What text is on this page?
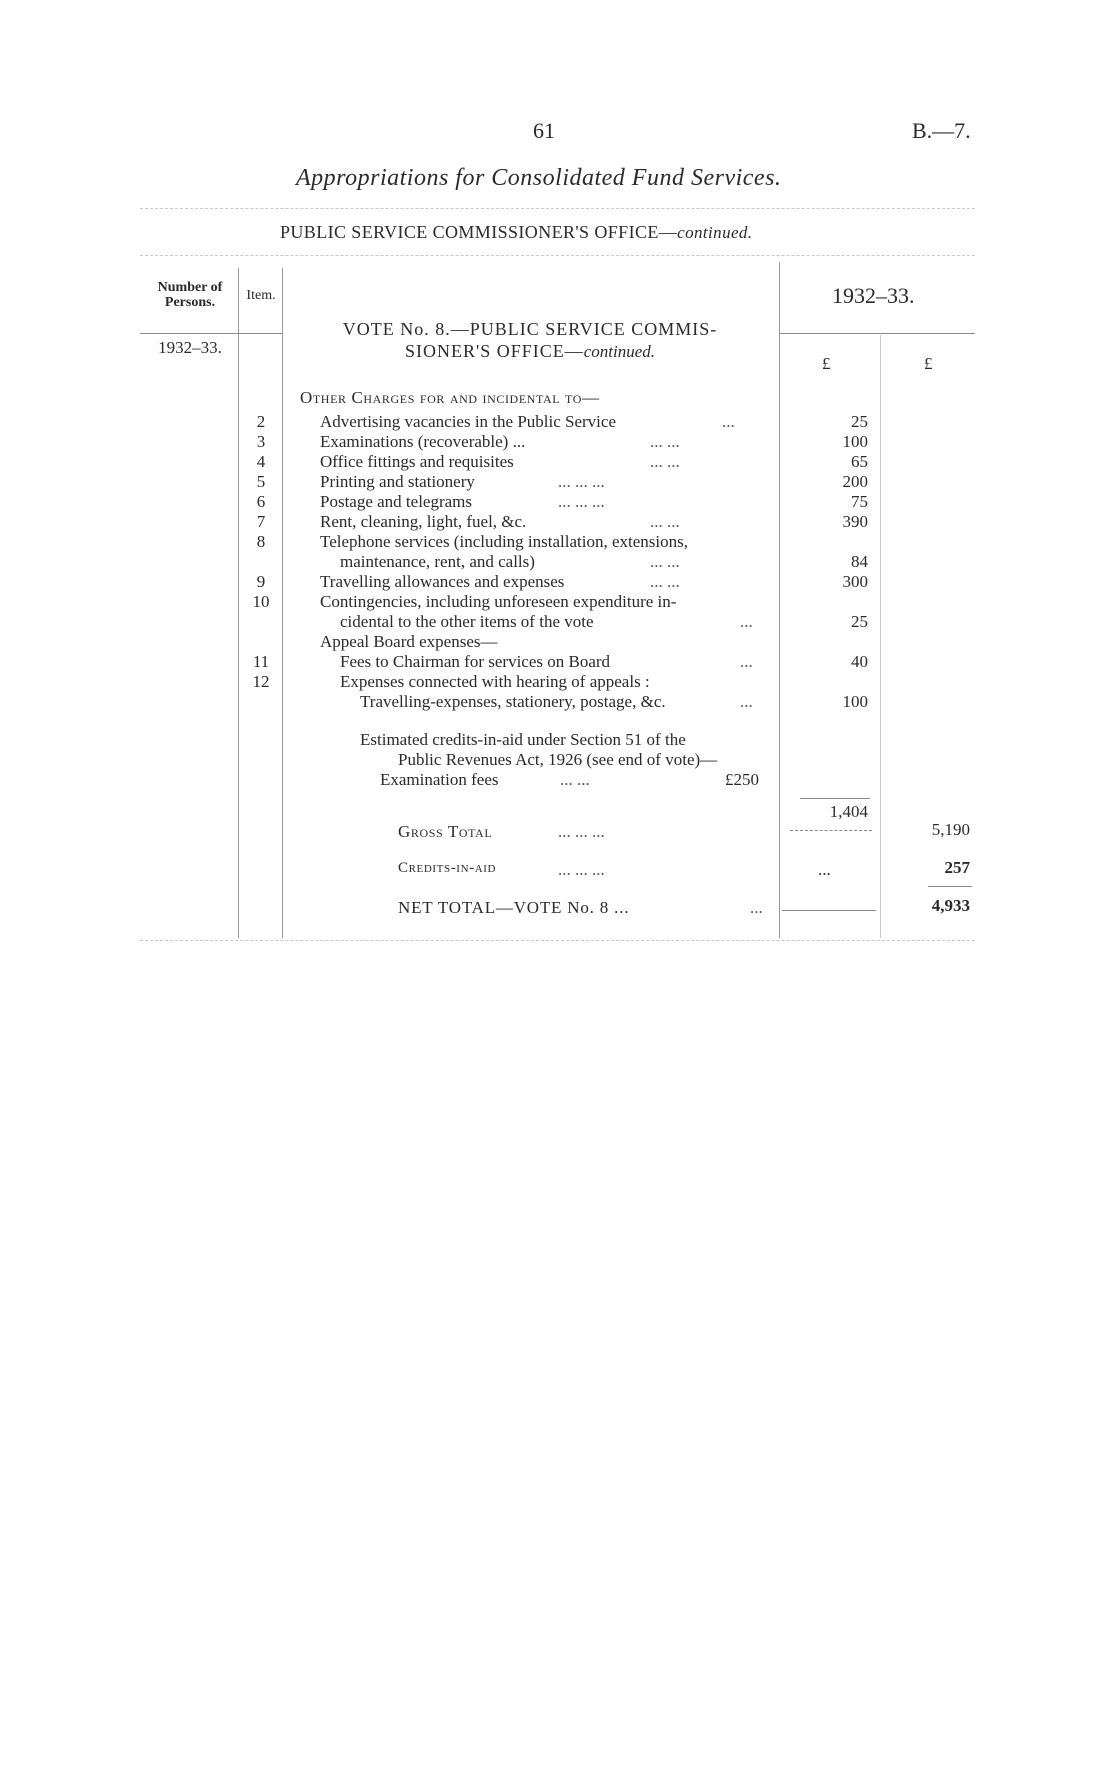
61	B.—7.
Appropriations for Consolidated Fund Services.
PUBLIC SERVICE COMMISSIONER'S OFFICE—continued.
Number of Persons.	Item.	1932–33.
1932–33.
£	£
VOTE No. 8.—PUBLIC SERVICE COMMIS-
SIONER'S OFFICE—continued.
Other Charges for and incidental to—
2	Advertising vacancies in the Public Service	...	25
3	Examinations (recoverable) ...	... ...	100
4	Office fittings and requisites	... ...	65
5	Printing and stationery	... ... ...	200
6	Postage and telegrams	... ... ...	75
7	Rent, cleaning, light, fuel, &c.	... ...	390
8	Telephone services (including installation, extensions,
maintenance, rent, and calls)	... ...	84
9	Travelling allowances and expenses	... ...	300
10	Contingencies, including unforeseen expenditure in-
cidental to the other items of the vote	...	25
Appeal Board expenses—
11	Fees to Chairman for services on Board	...	40
12	Expenses connected with hearing of appeals :
Travelling-expenses, stationery, postage, &c.	...	100
Estimated credits-in-aid under Section 51 of the
Public Revenues Act, 1926 (see end of vote)—
Examination fees	... ...	£250
1,404
Gross Total	... ... ...	5,190
Credits-in-aid	... ... ...	...	257
NET TOTAL—VOTE No. 8 ...	...	4,933
